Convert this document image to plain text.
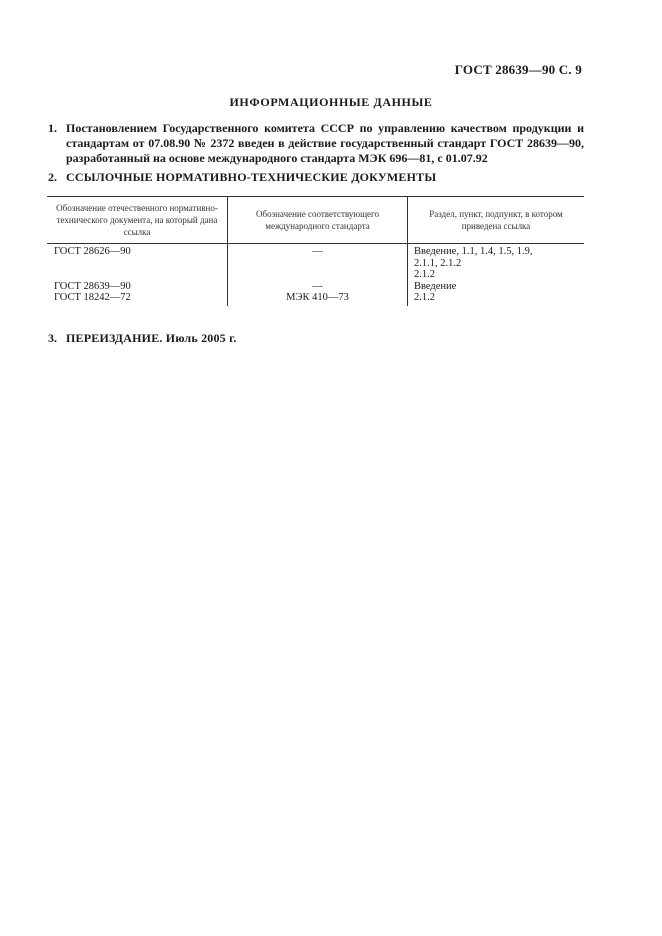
ГОСТ 28639—90 С. 9
ИНФОРМАЦИОННЫЕ ДАННЫЕ
1. Постановлением Государственного комитета СССР по управлению качеством продукции и стандартам от 07.08.90 № 2372 введен в действие государственный стандарт ГОСТ 28639—90, разработанный на основе международного стандарта МЭК 696—81, с 01.07.92
2. ССЫЛОЧНЫЕ НОРМАТИВНО-ТЕХНИЧЕСКИЕ ДОКУМЕНТЫ
Обозначение отечественного нормативно-технического документа, на который дана ссылка
Обозначение соответствующего международного стандарта
Раздел, пункт, подпункт, в котором приведена ссылка
ГОСТ 28626—90
ГОСТ 28639—90
ГОСТ 18242—72
—
—
МЭК 410—73
Введение, 1.1, 1.4, 1.5, 1.9,
2.1.1, 2.1.2
2.1.2
Введение
2.1.2
3. ПЕРЕИЗДАНИЕ. Июль 2005 г.
